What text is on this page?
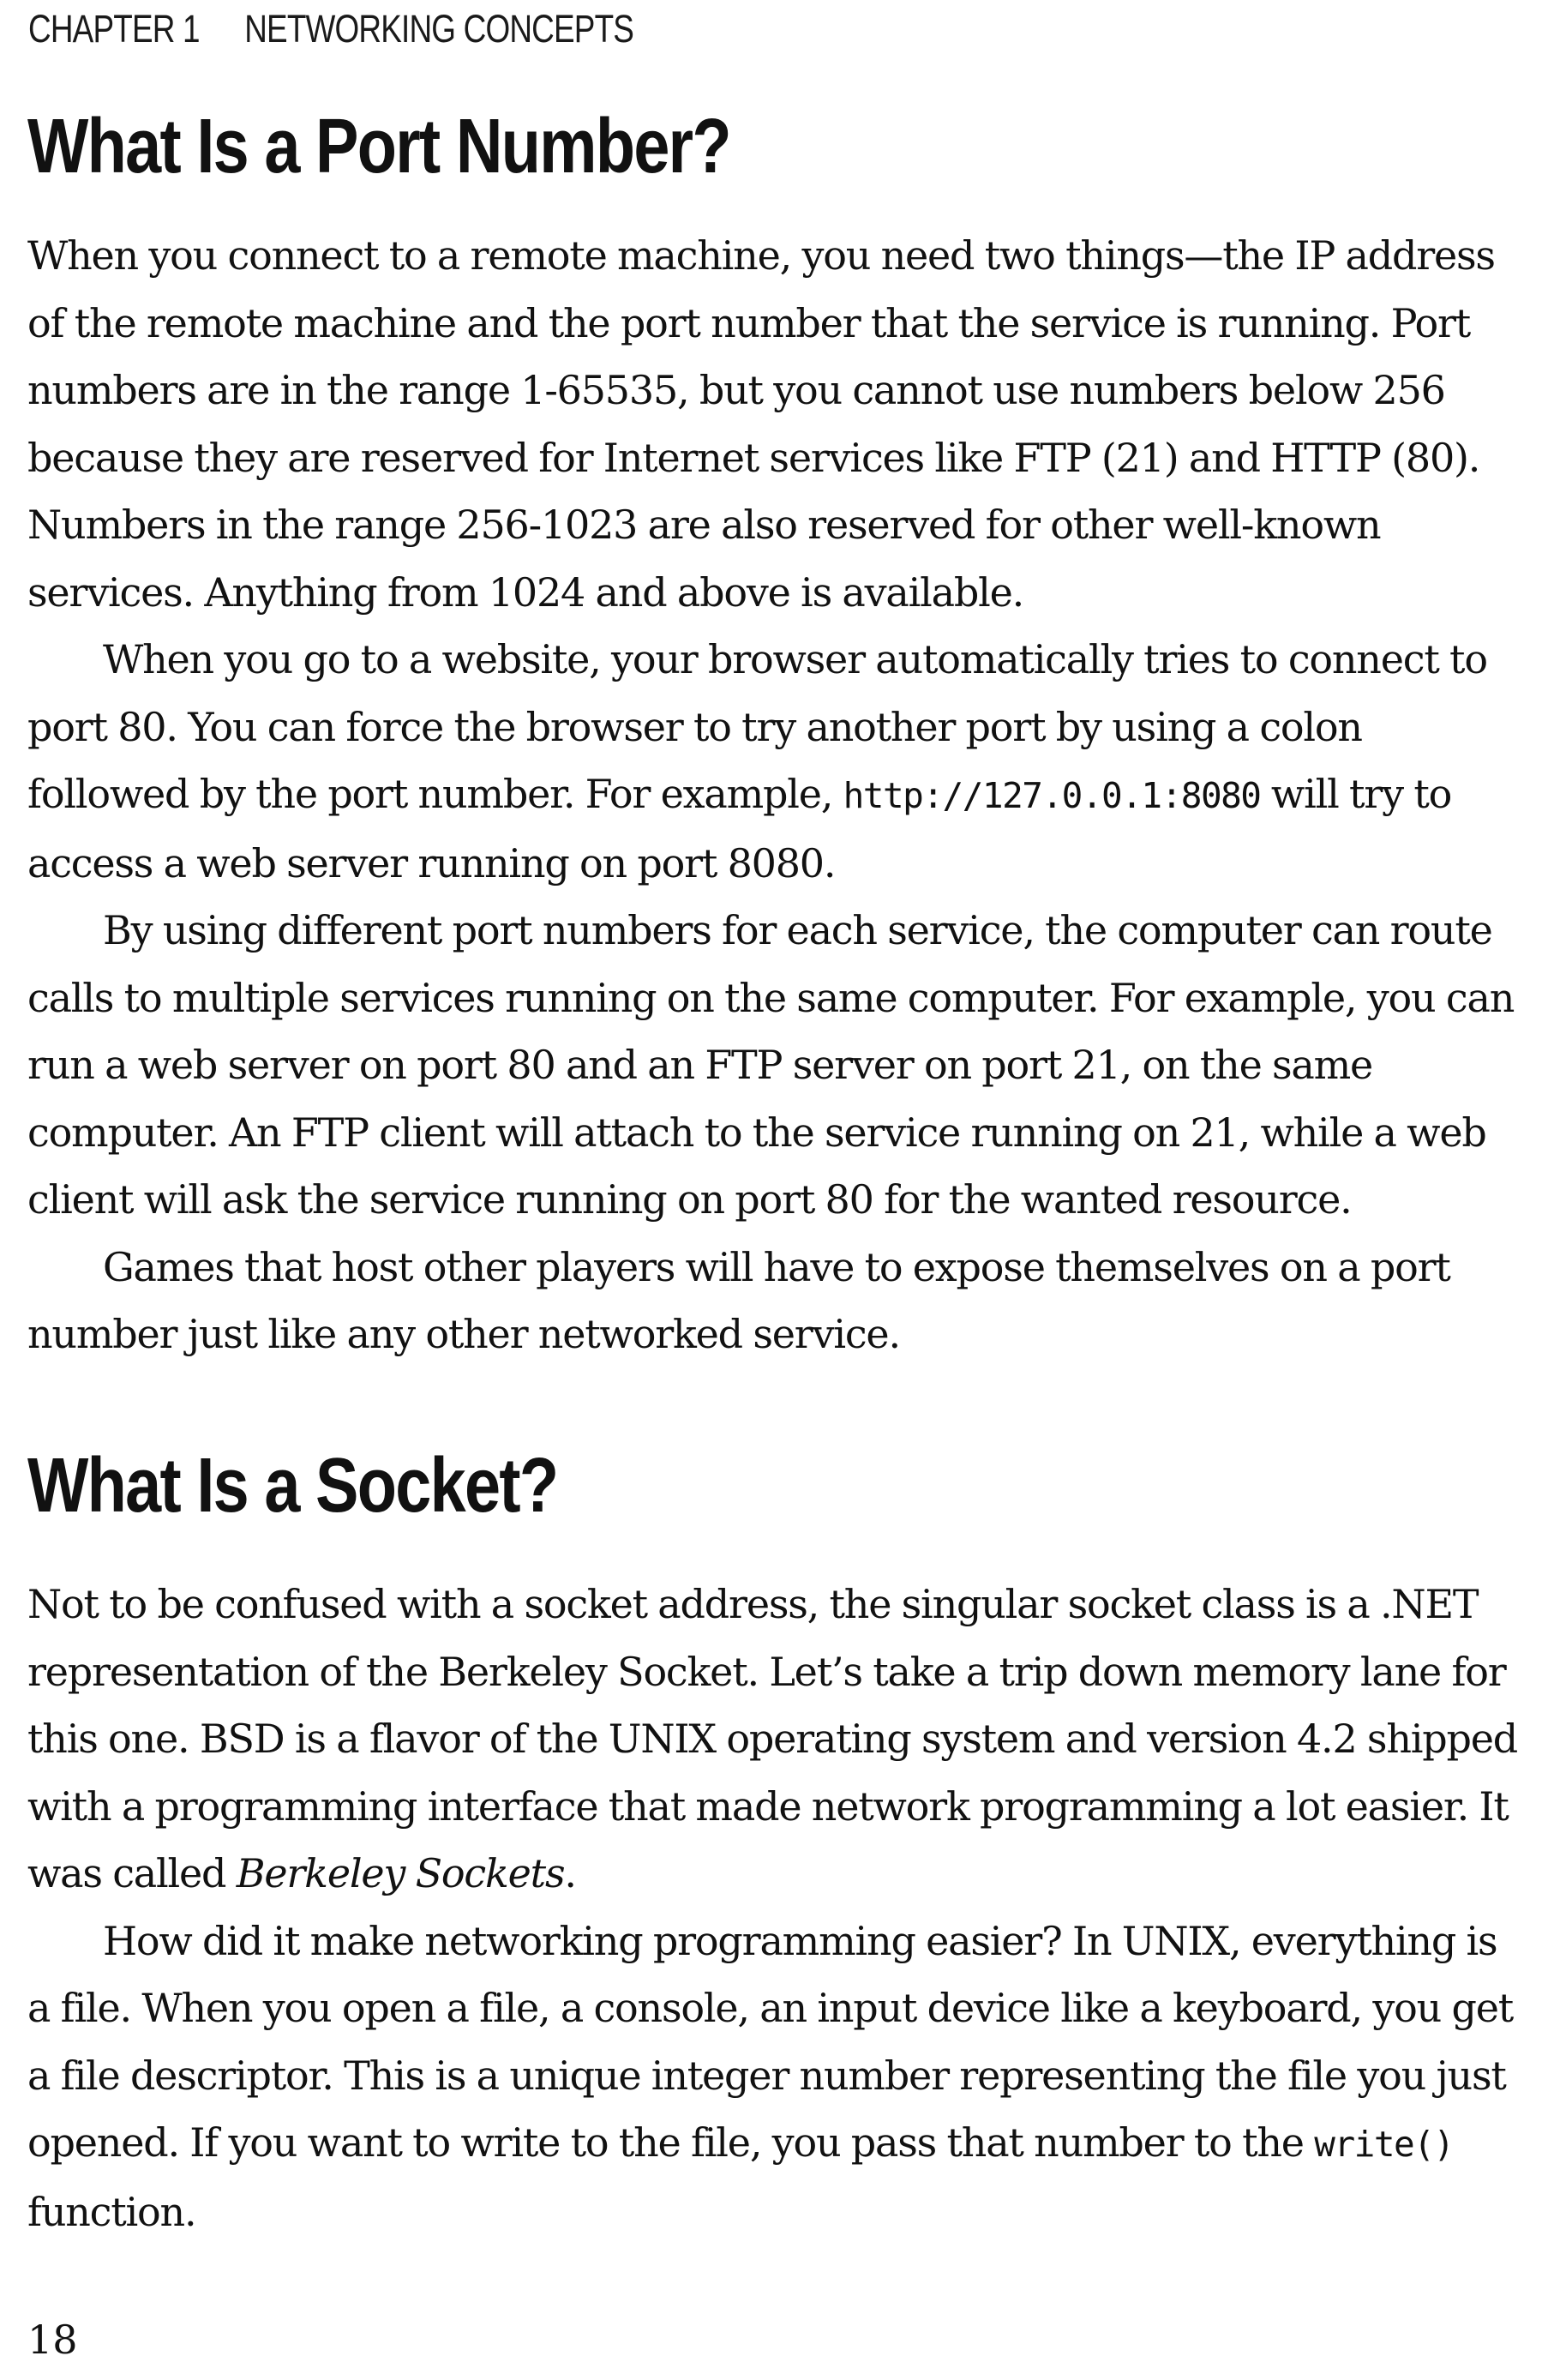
CHAPTER 1 NETWORKING CONCEPTS
What Is a Port Number?

When you connect to a remote machine, you need two things—the IP address of the remote machine and the port number that the service is running. Port numbers are in the range 1-65535, but you cannot use numbers below 256 because they are reserved for Internet services like FTP (21) and HTTP (80). Numbers in the range 256-1023 are also reserved for other well-known services. Anything from 1024 and above is available.

When you go to a website, your browser automatically tries to connect to port 80. You can force the browser to try another port by using a colon followed by the port number. For example, http://127.0.0.1:8080 will try to access a web server running on port 8080.

By using different port numbers for each service, the computer can route calls to multiple services running on the same computer. For example, you can run a web server on port 80 and an FTP server on port 21, on the same computer. An FTP client will attach to the service running on 21, while a web client will ask the service running on port 80 for the wanted resource.

Games that host other players will have to expose themselves on a port number just like any other networked service.

What Is a Socket?

Not to be confused with a socket address, the singular socket class is a .NET representation of the Berkeley Socket. Let’s take a trip down memory lane for this one. BSD is a flavor of the UNIX operating system and version 4.2 shipped with a programming interface that made network programming a lot easier. It was called Berkeley Sockets.

How did it make networking programming easier? In UNIX, everything is a file. When you open a file, a console, an input device like a keyboard, you get a file descriptor. This is a unique integer number representing the file you just opened. If you want to write to the file, you pass that number to the write() function.

18
